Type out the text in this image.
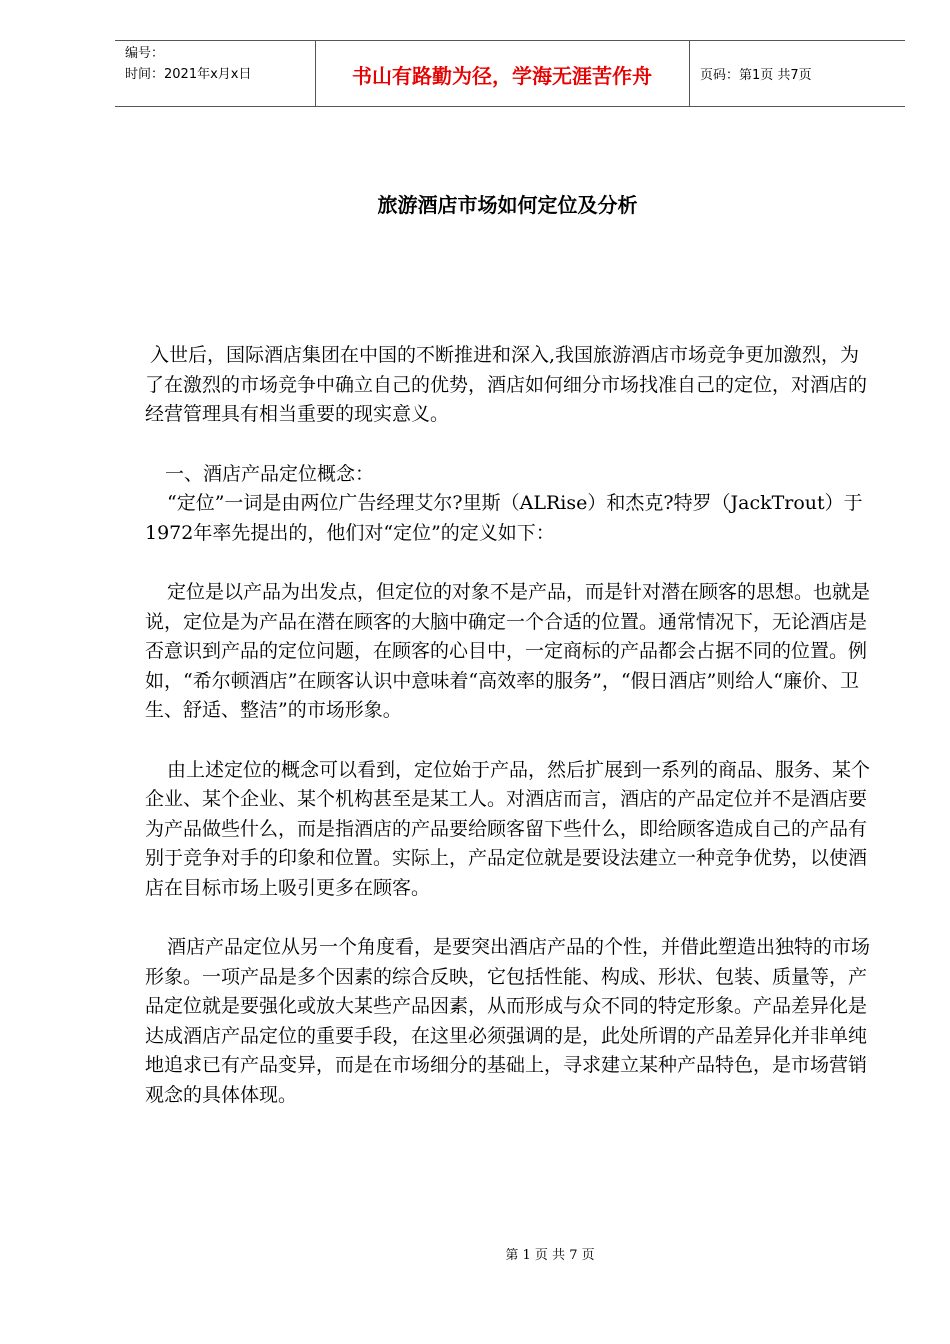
编号：
时间：2021年x月x日	书山有路勤为径，学海无涯苦作舟	页码：第1页 共7页
旅游酒店市场如何定位及分析

入世后，国际酒店集团在中国的不断推进和深入,我国旅游酒店市场竞争更加激烈，为了在激烈的市场竞争中确立自己的优势，酒店如何细分市场找准自己的定位，对酒店的经营管理具有相当重要的现实意义。

一、酒店产品定位概念：

“定位”一词是由两位广告经理艾尔?里斯（ALRise）和杰克?特罗（JackTrout）于1972年率先提出的，他们对“定位”的定义如下：

定位是以产品为出发点，但定位的对象不是产品，而是针对潜在顾客的思想。也就是说，定位是为产品在潜在顾客的大脑中确定一个合适的位置。通常情况下，无论酒店是否意识到产品的定位问题，在顾客的心目中，一定商标的产品都会占据不同的位置。例如，“希尔顿酒店”在顾客认识中意味着“高效率的服务”，“假日酒店”则给人“廉价、卫生、舒适、整洁”的市场形象。

由上述定位的概念可以看到，定位始于产品，然后扩展到一系列的商品、服务、某个企业、某个企业、某个机构甚至是某工人。对酒店而言，酒店的产品定位并不是酒店要为产品做些什么，而是指酒店的产品要给顾客留下些什么，即给顾客造成自己的产品有别于竞争对手的印象和位置。实际上，产品定位就是要设法建立一种竞争优势，以使酒店在目标市场上吸引更多在顾客。

酒店产品定位从另一个角度看，是要突出酒店产品的个性，并借此塑造出独特的市场形象。一项产品是多个因素的综合反映，它包括性能、构成、形状、包装、质量等，产品定位就是要强化或放大某些产品因素，从而形成与众不同的特定形象。产品差异化是达成酒店产品定位的重要手段，在这里必须强调的是，此处所谓的产品差异化并非单纯地追求已有产品变异，而是在市场细分的基础上，寻求建立某种产品特色，是市场营销观念的具体体现。

第 1 页 共 7 页
